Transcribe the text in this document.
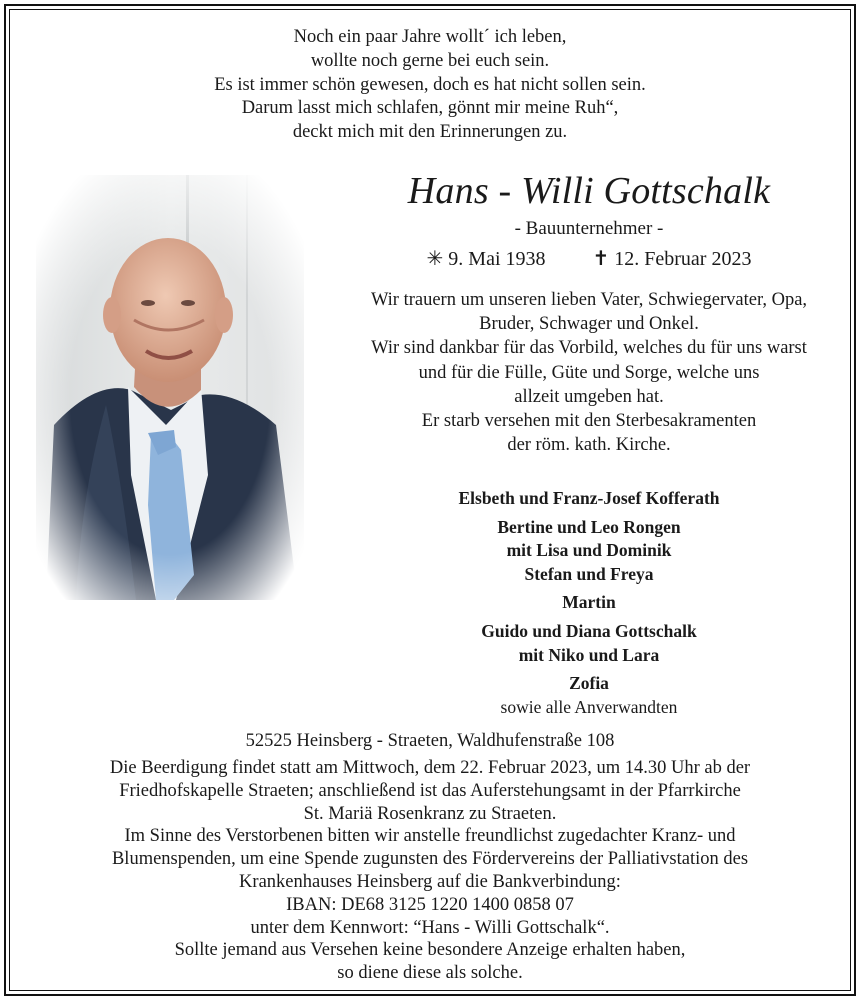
Noch ein paar Jahre wollt´ ich leben,
wollte noch gerne bei euch sein.
Es ist immer schön gewesen, doch es hat nicht sollen sein.
Darum lasst mich schlafen, gönnt mir meine Ruh“,
deckt mich mit den Erinnerungen zu.
Hans - Willi Gottschalk
- Bauunternehmer -
✳ 9. Mai 1938 ✝ 12. Februar 2023
Wir trauern um unseren lieben Vater, Schwiegervater, Opa,
Bruder, Schwager und Onkel.
Wir sind dankbar für das Vorbild, welches du für uns warst
und für die Fülle, Güte und Sorge, welche uns
allzeit umgeben hat.
Er starb versehen mit den Sterbesakramenten
der röm. kath. Kirche.
Elsbeth und Franz-Josef Kofferath
Bertine und Leo Rongen
mit Lisa und Dominik
Stefan und Freya
Martin
Guido und Diana Gottschalk
mit Niko und Lara
Zofia
sowie alle Anverwandten
52525 Heinsberg - Straeten, Waldhufenstraße 108
Die Beerdigung findet statt am Mittwoch, dem 22. Februar 2023, um 14.30 Uhr ab der
Friedhofskapelle Straeten; anschließend ist das Auferstehungsamt in der Pfarrkirche
St. Mariä Rosenkranz zu Straeten.
Im Sinne des Verstorbenen bitten wir anstelle freundlichst zugedachter Kranz- und
Blumenspenden, um eine Spende zugunsten des Fördervereins der Palliativstation des
Krankenhauses Heinsberg auf die Bankverbindung:
IBAN: DE68 3125 1220 1400 0858 07
unter dem Kennwort: “Hans - Willi Gottschalk“.
Sollte jemand aus Versehen keine besondere Anzeige erhalten haben,
so diene diese als solche.
